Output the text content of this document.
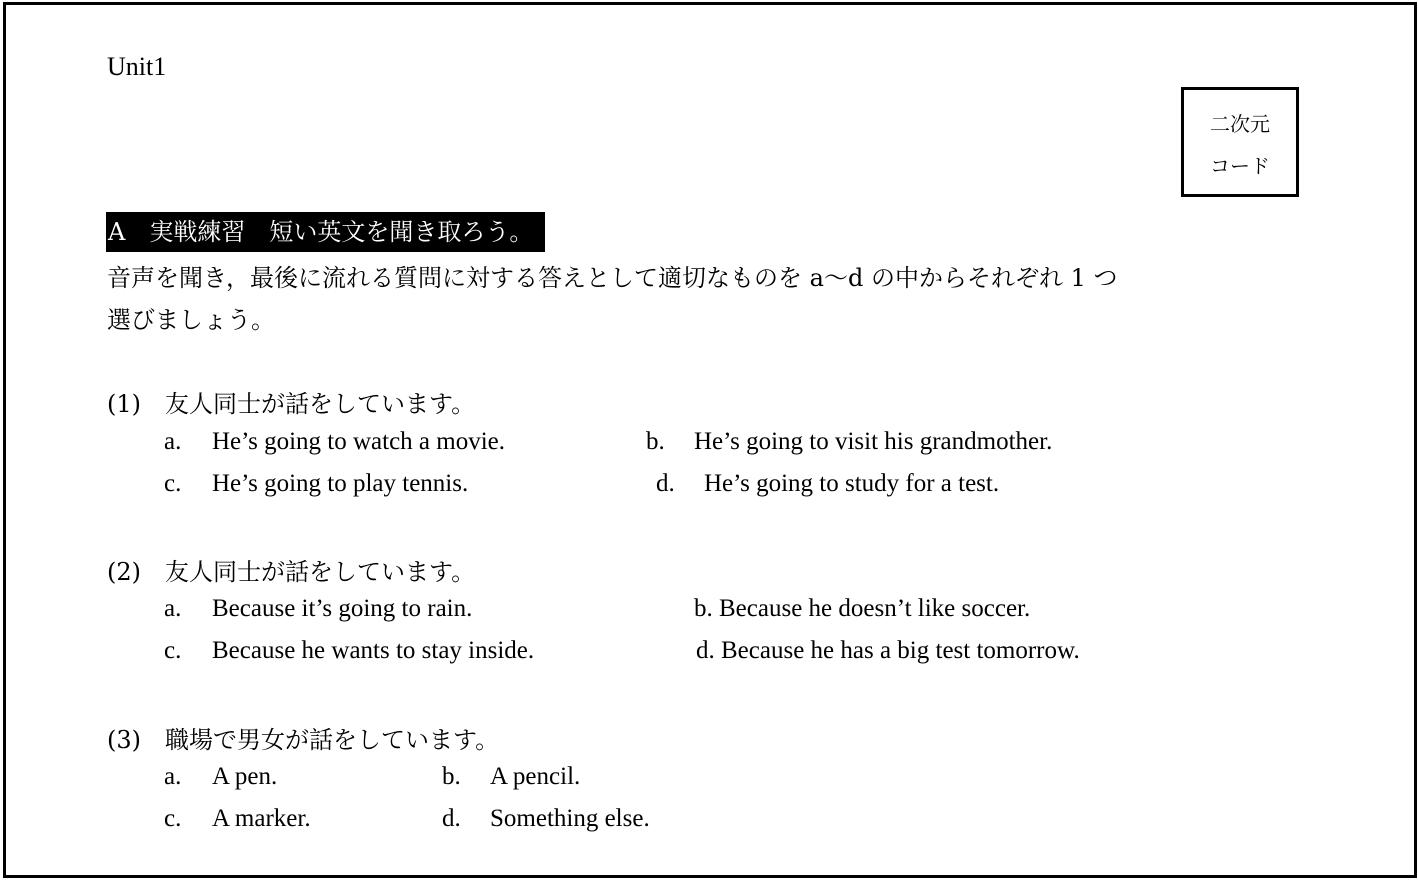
Unit1
二次元
コード
A　実戦練習　短い英文を聞き取ろう。
音声を聞き，最後に流れる質問に対する答えとして適切なものを a〜d の中からそれぞれ 1 つ
選びましょう。
(1)　友人同士が話をしています。
a. He’s going to watch a movie.	b. He’s going to visit his grandmother.
c. He’s going to play tennis.	d. He’s going to study for a test.
(2)　友人同士が話をしています。
a. Because it’s going to rain.	b. Because he doesn’t like soccer.
c. Because he wants to stay inside.	d. Because he has a big test tomorrow.
(3)　職場で男女が話をしています。
a. A pen.	b. A pencil.
c. A marker.	d. Something else.
